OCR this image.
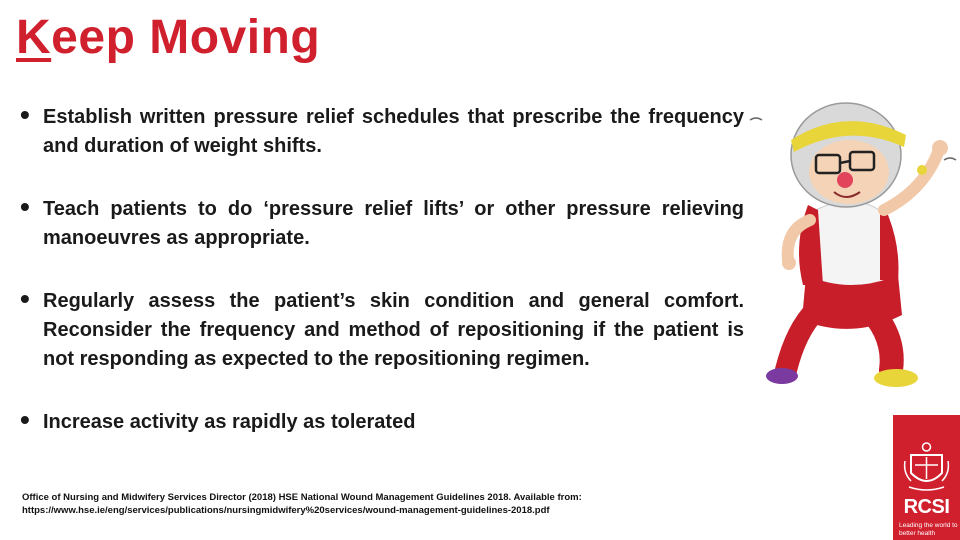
Keep Moving
• Establish written pressure relief schedules that prescribe the frequency and duration of weight shifts.
• Teach patients to do ‘pressure relief lifts’ or other pressure relieving manoeuvres as appropriate.
• Regularly assess the patient’s skin condition and general comfort. Reconsider the frequency and method of repositioning if the patient is not responding as expected to the repositioning regimen.
• Increase activity as rapidly as tolerated
Office of Nursing and Midwifery Services Director (2018) HSE National Wound Management Guidelines 2018. Available from:
https://www.hse.ie/eng/services/publications/nursingmidwifery%20services/wound-management-guidelines-2018.pdf	RCSI
Leading the world to better health
